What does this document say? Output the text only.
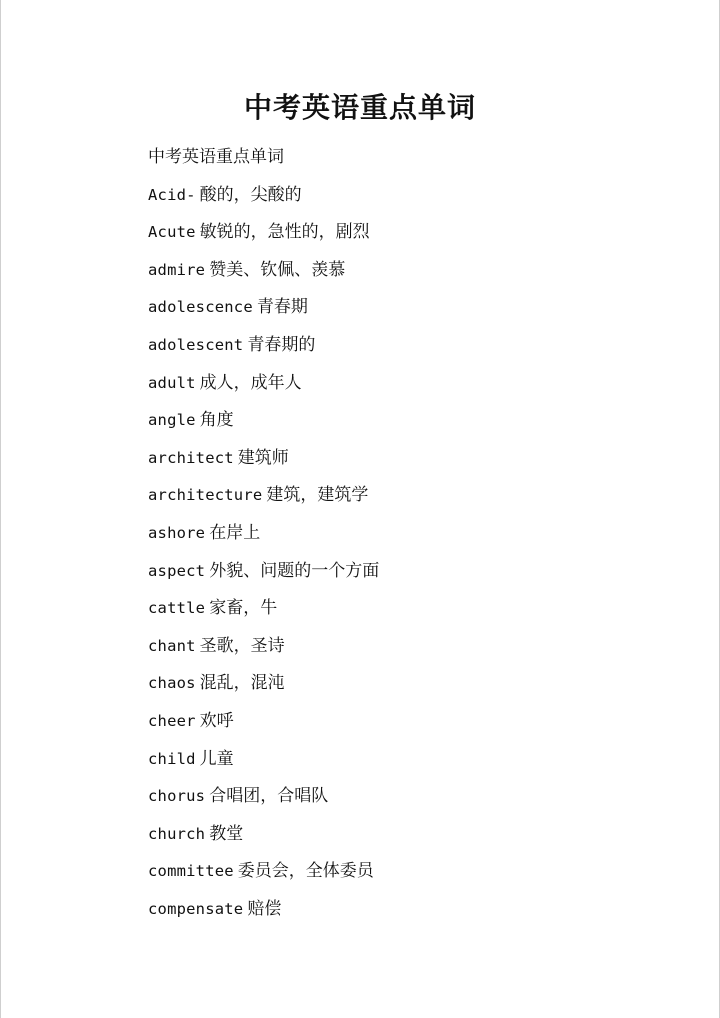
中考英语重点单词
中考英语重点单词
Acid- 酸的，尖酸的
Acute 敏锐的，急性的，剧烈
admire 赞美、钦佩、羡慕
adolescence 青春期
adolescent 青春期的
adult 成人，成年人
angle 角度
architect 建筑师
architecture 建筑，建筑学
ashore 在岸上
aspect 外貌、问题的一个方面
cattle 家畜，牛
chant 圣歌，圣诗
chaos 混乱，混沌
cheer 欢呼
child 儿童
chorus 合唱团，合唱队
church 教堂
committee 委员会，全体委员
compensate 赔偿
